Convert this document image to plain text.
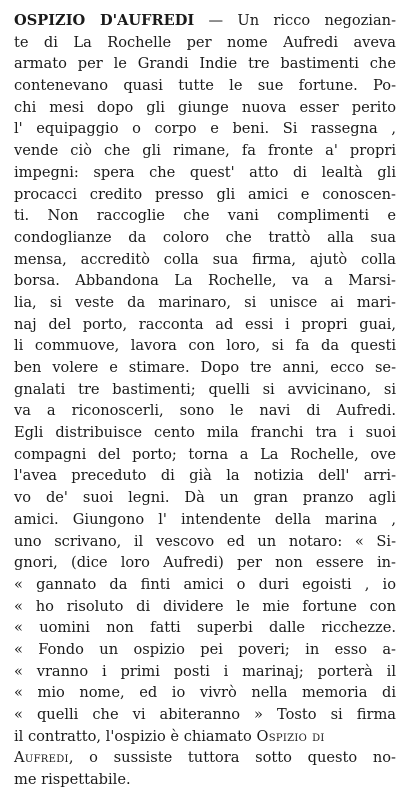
OSPIZIO D'AUFREDI — Un ricco negozian-
te di La Rochelle per nome Aufredi aveva
armato per le Grandi Indie tre bastimenti che
contenevano quasi tutte le sue fortune. Po-
chi mesi dopo gli giunge nuova esser perito
l' equipaggio o corpo e beni. Si rassegna ,
vende ciò che gli rimane, fa fronte a' propri
impegni: spera che quest' atto di lealtà gli
procacci credito presso gli amici e conoscen-
ti. Non raccoglie che vani complimenti e
condoglianze da coloro che trattò alla sua
mensa, accreditò colla sua firma, ajutò colla
borsa. Abbandona La Rochelle, va a Marsi-
lia, si veste da marinaro, si unisce ai mari-
naj del porto, racconta ad essi i propri guai,
li commuove, lavora con loro, si fa da questi
ben volere e stimare. Dopo tre anni, ecco se-
gnalati tre bastimenti; quelli si avvicinano, si
va a riconoscerli, sono le navi di Aufredi.
Egli distribuisce cento mila franchi tra i suoi
compagni del porto; torna a La Rochelle, ove
l'avea preceduto di già la notizia dell' arri-
vo de' suoi legni. Dà un gran pranzo agli
amici. Giungono l' intendente della marina ,
uno scrivano, il vescovo ed un notaro: « Si-
gnori, (dice loro Aufredi) per non essere in-
« gannato da finti amici o duri egoisti , io
« ho risoluto di dividere le mie fortune con
« uomini non fatti superbi dalle ricchezze.
« Fondo un ospizio pei poveri; in esso a-
« vranno i primi posti i marinaj; porterà il
« mio nome, ed io vivrò nella memoria di
« quelli che vi abiteranno » Tosto si firma
il contratto, l'ospizio è chiamato Ospizio di
Aufredi, o sussiste tuttora sotto questo no-
me rispettabile.
